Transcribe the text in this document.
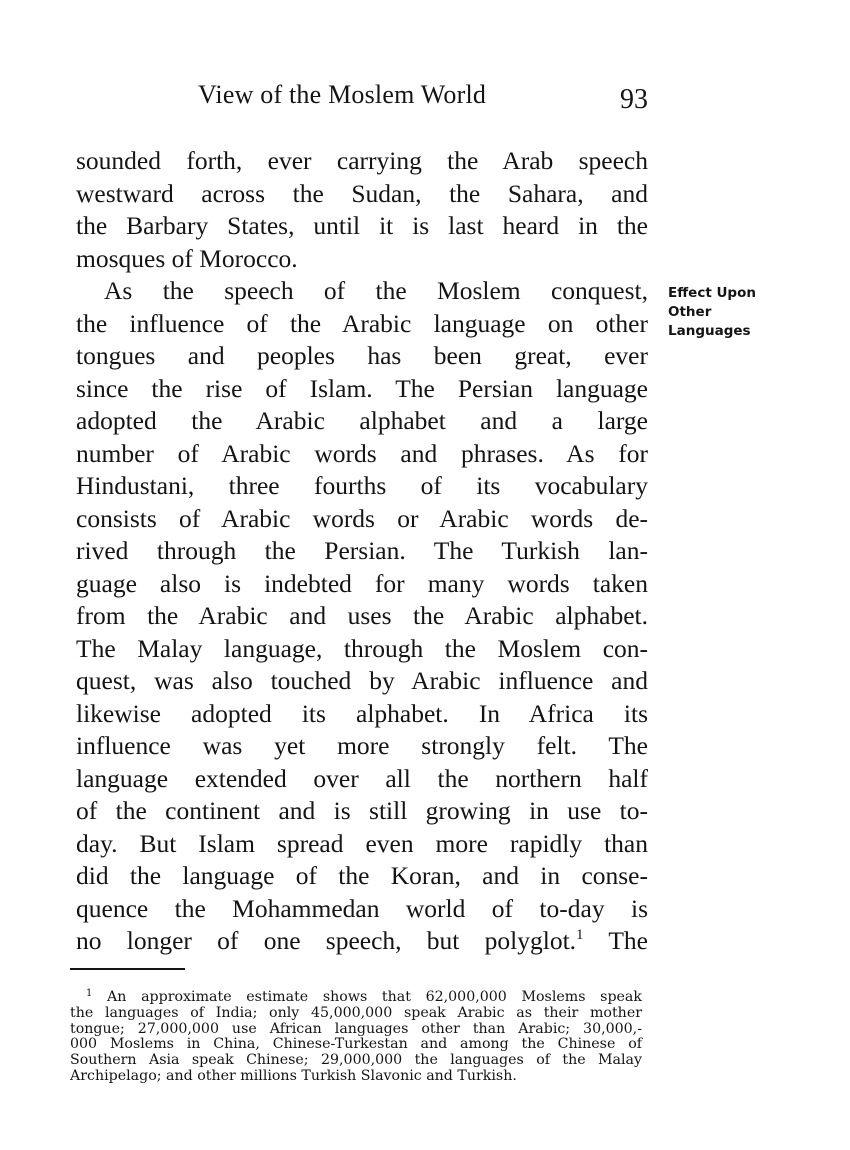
View of the Moslem World	93
Effect Upon
Other
Languages
sounded forth, ever carrying the Arab speech
westward across the Sudan, the Sahara, and
the Barbary States, until it is last heard in the
mosques of Morocco.
As the speech of the Moslem conquest,
the influence of the Arabic language on other
tongues and peoples has been great, ever
since the rise of Islam. The Persian language
adopted the Arabic alphabet and a large
number of Arabic words and phrases. As for
Hindustani, three fourths of its vocabulary
consists of Arabic words or Arabic words de-
rived through the Persian. The Turkish lan-
guage also is indebted for many words taken
from the Arabic and uses the Arabic alphabet.
The Malay language, through the Moslem con-
quest, was also touched by Arabic influence and
likewise adopted its alphabet. In Africa its
influence was yet more strongly felt. The
language extended over all the northern half
of the continent and is still growing in use to-
day. But Islam spread even more rapidly than
did the language of the Koran, and in conse-
quence the Mohammedan world of to-day is
no longer of one speech, but polyglot.$^1$ The
$^1$ An approximate estimate shows that 62,000,000 Moslems speak
the languages of India; only 45,000,000 speak Arabic as their mother
tongue; 27,000,000 use African languages other than Arabic; 30,000,-
000 Moslems in China, Chinese-Turkestan and among the Chinese of
Southern Asia speak Chinese; 29,000,000 the languages of the Malay
Archipelago; and other millions Turkish Slavonic and Turkish.
